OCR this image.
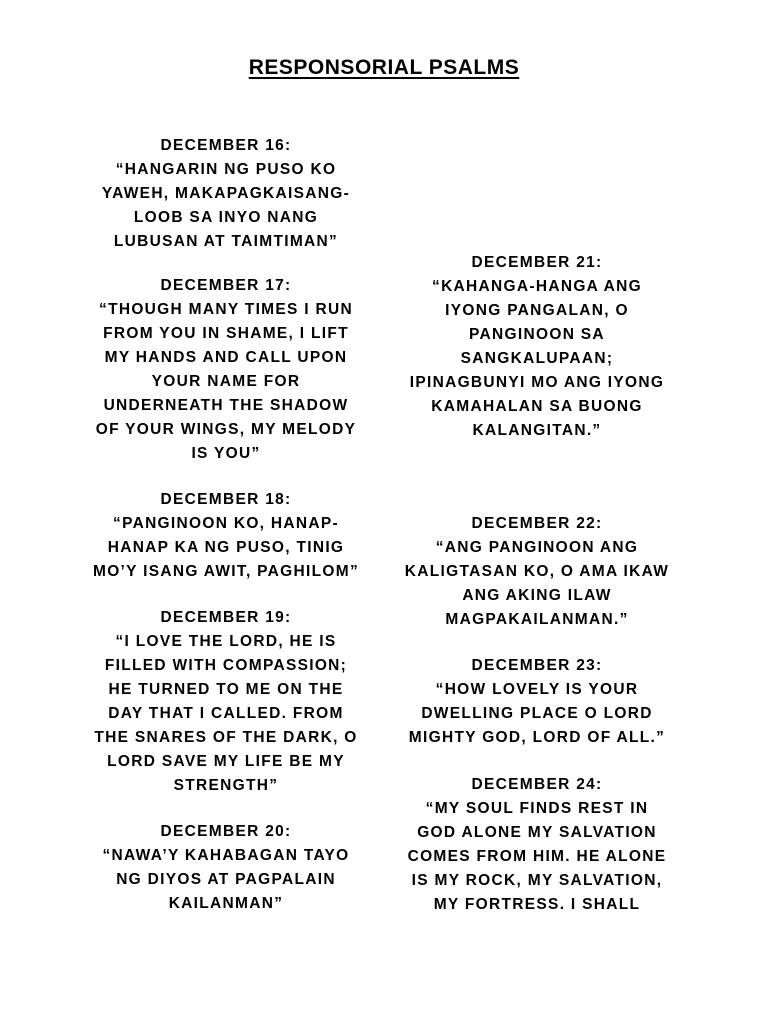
RESPONSORIAL PSALMS
DECEMBER 16:
“HANGARIN NG PUSO KO
YAWEH, MAKAPAGKAISANG-
LOOB SA INYO NANG
LUBUSAN AT TAIMTIMAN”
DECEMBER 17:
“THOUGH MANY TIMES I RUN
FROM YOU IN SHAME, I LIFT
MY HANDS AND CALL UPON
YOUR NAME FOR
UNDERNEATH THE SHADOW
OF YOUR WINGS, MY MELODY
IS YOU”
DECEMBER 18:
“PANGINOON KO, HANAP-
HANAP KA NG PUSO, TINIG
MO’Y ISANG AWIT, PAGHILOM”
DECEMBER 19:
“I LOVE THE LORD, HE IS
FILLED WITH COMPASSION;
HE TURNED TO ME ON THE
DAY THAT I CALLED. FROM
THE SNARES OF THE DARK, O
LORD SAVE MY LIFE BE MY
STRENGTH”
DECEMBER 20:
“NAWA’Y KAHABAGAN TAYO
NG DIYOS AT PAGPALAIN
KAILANMAN”
DECEMBER 21:
“KAHANGA-HANGA ANG
IYONG PANGALAN, O
PANGINOON SA
SANGKALUPAAN;
IPINAGBUNYI MO ANG IYONG
KAMAHALAN SA BUONG
KALANGITAN.”
DECEMBER 22:
“ANG PANGINOON ANG
KALIGTASAN KO, O AMA IKAW
ANG AKING ILAW
MAGPAKAILANMAN.”
DECEMBER 23:
“HOW LOVELY IS YOUR
DWELLING PLACE O LORD
MIGHTY GOD, LORD OF ALL.”
DECEMBER 24:
“MY SOUL FINDS REST IN
GOD ALONE MY SALVATION
COMES FROM HIM. HE ALONE
IS MY ROCK, MY SALVATION,
MY FORTRESS. I SHALL
